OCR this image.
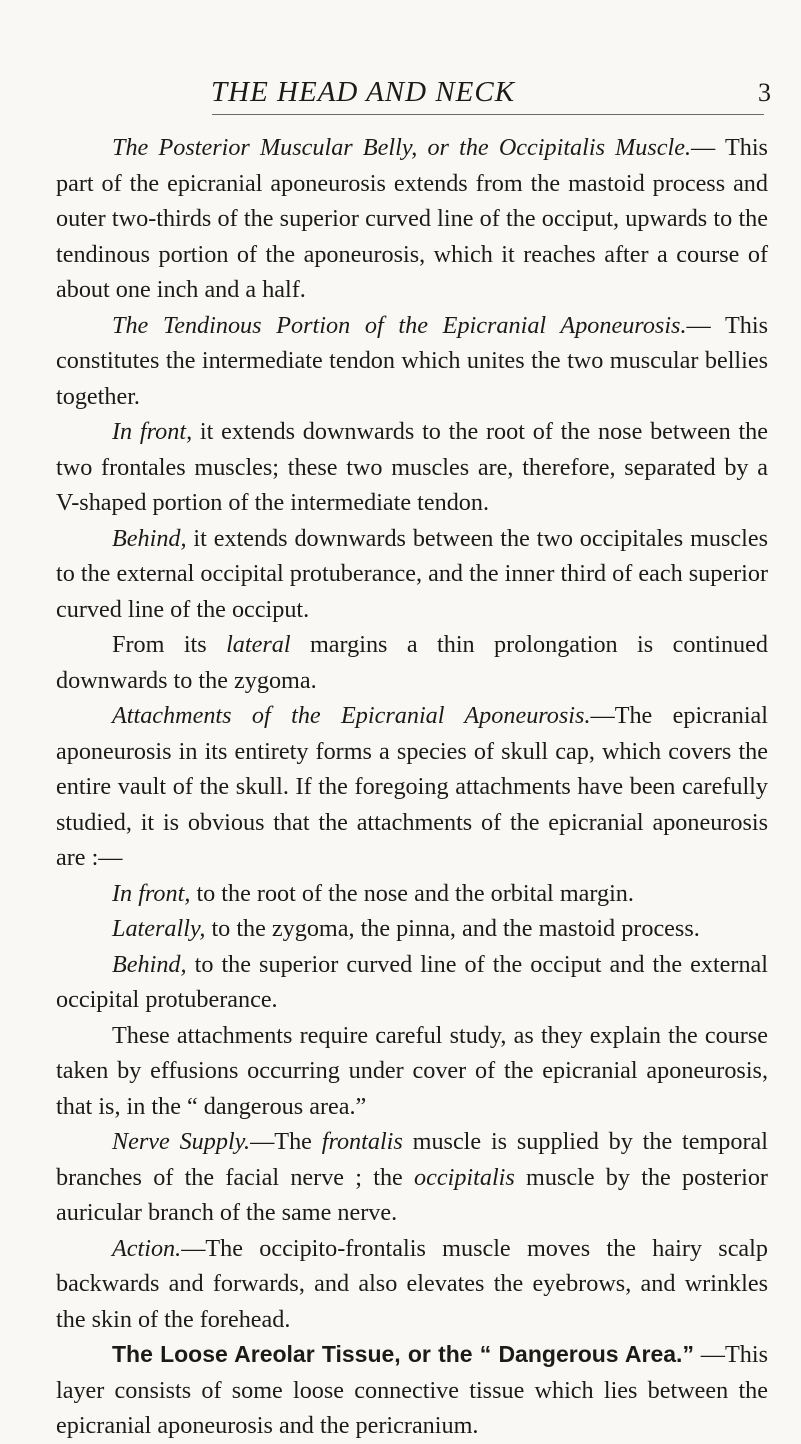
THE HEAD AND NECK	3

The Posterior Muscular Belly, or the Occipitalis Muscle.— This part of the epicranial aponeurosis extends from the mastoid process and outer two-thirds of the superior curved line of the occiput, upwards to the tendinous portion of the aponeurosis, which it reaches after a course of about one inch and a half.

The Tendinous Portion of the Epicranial Aponeurosis.— This constitutes the intermediate tendon which unites the two muscular bellies together.

In front, it extends downwards to the root of the nose between the two frontales muscles; these two muscles are, therefore, separated by a V-shaped portion of the intermediate tendon.

Behind, it extends downwards between the two occipitales muscles to the external occipital protuberance, and the inner third of each superior curved line of the occiput.

From its lateral margins a thin prolongation is continued downwards to the zygoma.

Attachments of the Epicranial Aponeurosis.—The epicranial aponeurosis in its entirety forms a species of skull cap, which covers the entire vault of the skull. If the foregoing attachments have been carefully studied, it is obvious that the attachments of the epicranial aponeurosis are :—

In front, to the root of the nose and the orbital margin.

Laterally, to the zygoma, the pinna, and the mastoid process.

Behind, to the superior curved line of the occiput and the external occipital protuberance.

These attachments require careful study, as they explain the course taken by effusions occurring under cover of the epicranial aponeurosis, that is, in the “ dangerous area.”

Nerve Supply.—The frontalis muscle is supplied by the temporal branches of the facial nerve ; the occipitalis muscle by the posterior auricular branch of the same nerve.

Action.—The occipito-frontalis muscle moves the hairy scalp backwards and forwards, and also elevates the eyebrows, and wrinkles the skin of the forehead.

The Loose Areolar Tissue, or the “ Dangerous Area.” —This layer consists of some loose connective tissue which lies between the epicranial aponeurosis and the pericranium.
